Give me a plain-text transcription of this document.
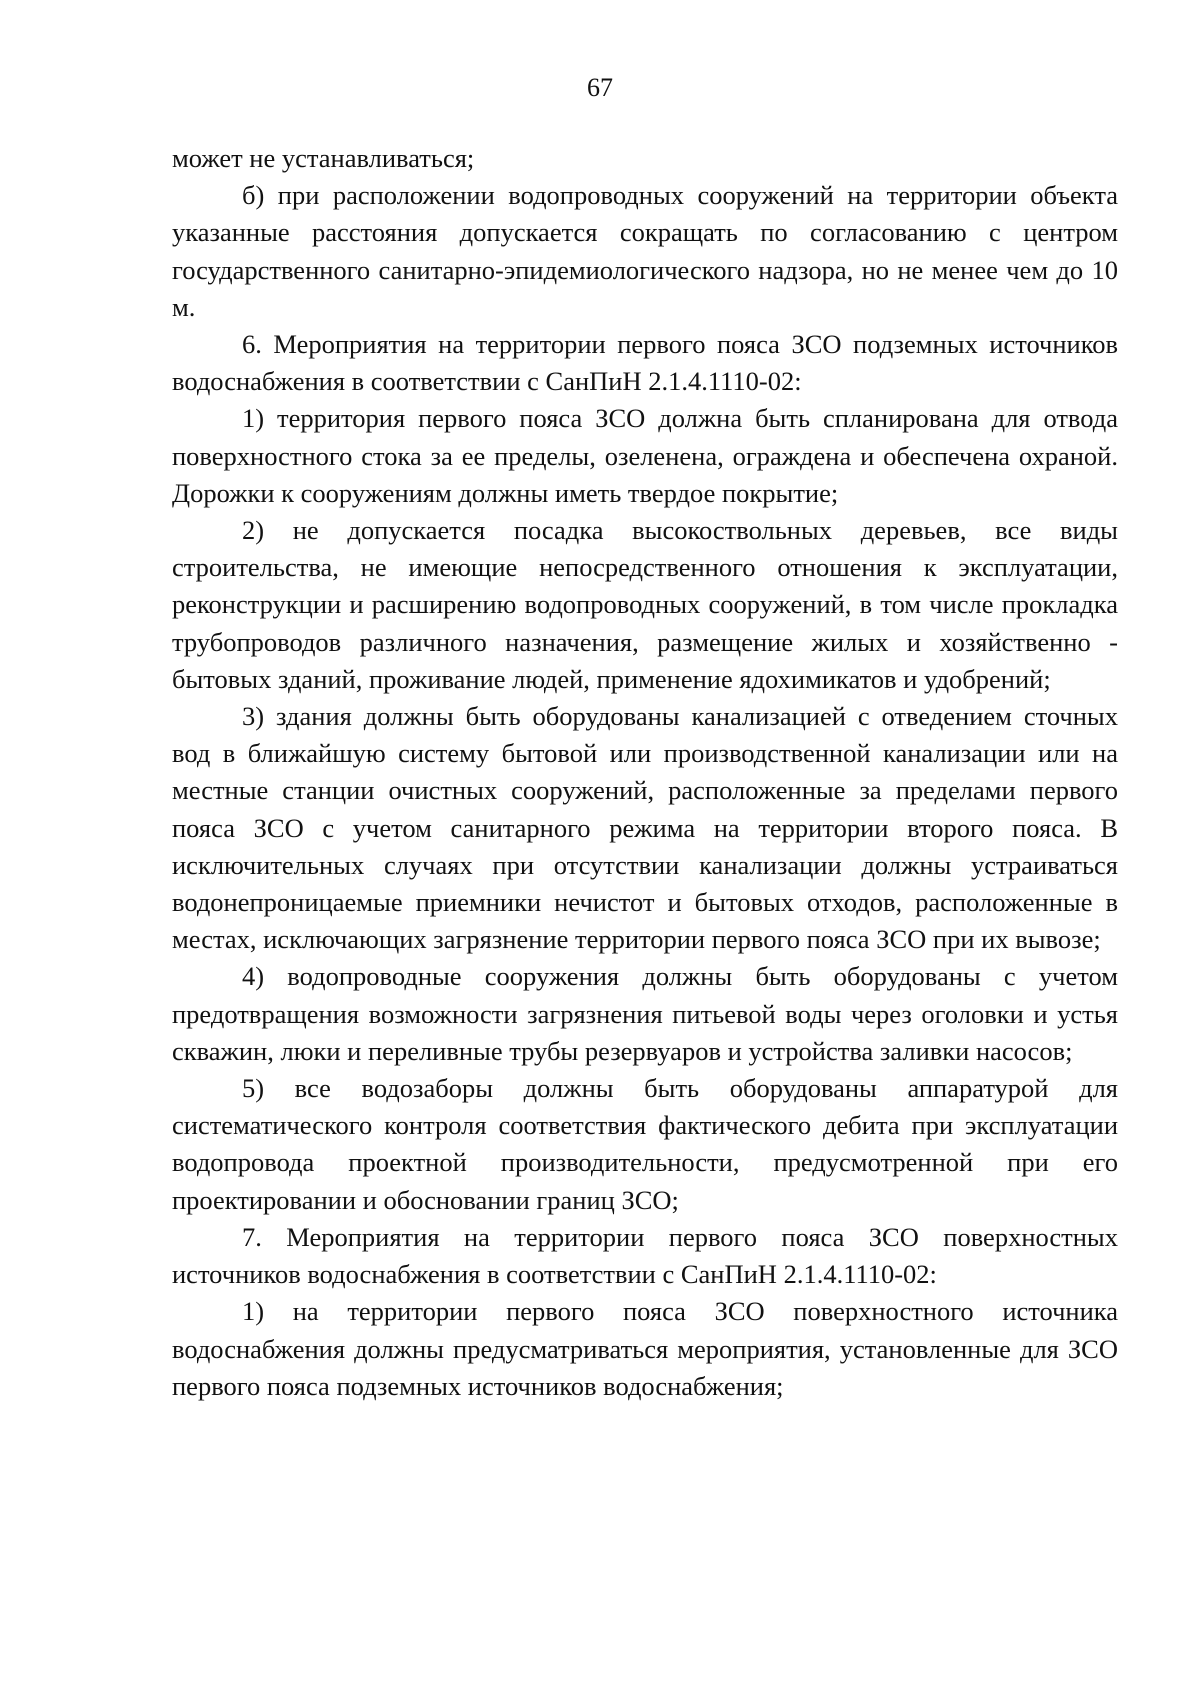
67

может не устанавливаться;

б) при расположении водопроводных сооружений на территории объекта указанные расстояния допускается сокращать по согласованию с центром государственного санитарно-эпидемиологического надзора, но не менее чем до 10 м.

6. Мероприятия на территории первого пояса ЗСО подземных источников водоснабжения в соответствии с СанПиН 2.1.4.1110-02:

1) территория первого пояса ЗСО должна быть спланирована для отвода поверхностного стока за ее пределы, озеленена, ограждена и обеспечена охраной. Дорожки к сооружениям должны иметь твердое покрытие;

2) не допускается посадка высокоствольных деревьев, все виды строительства, не имеющие непосредственного отношения к эксплуатации, реконструкции и расширению водопроводных сооружений, в том числе прокладка трубопроводов различного назначения, размещение жилых и хозяйственно - бытовых зданий, проживание людей, применение ядохимикатов и удобрений;

3) здания должны быть оборудованы канализацией с отведением сточных вод в ближайшую систему бытовой или производственной канализации или на местные станции очистных сооружений, расположенные за пределами первого пояса ЗСО с учетом санитарного режима на территории второго пояса. В исключительных случаях при отсутствии канализации должны устраиваться водонепроницаемые приемники нечистот и бытовых отходов, расположенные в местах, исключающих загрязнение территории первого пояса ЗСО при их вывозе;

4) водопроводные сооружения должны быть оборудованы с учетом предотвращения возможности загрязнения питьевой воды через оголовки и устья скважин, люки и переливные трубы резервуаров и устройства заливки насосов;

5) все водозаборы должны быть оборудованы аппаратурой для систематического контроля соответствия фактического дебита при эксплуатации водопровода проектной производительности, предусмотренной при его проектировании и обосновании границ ЗСО;

7. Мероприятия на территории первого пояса ЗСО поверхностных источников водоснабжения в соответствии с СанПиН 2.1.4.1110-02:

1) на территории первого пояса ЗСО поверхностного источника водоснабжения должны предусматриваться мероприятия, установленные для ЗСО первого пояса подземных источников водоснабжения;
